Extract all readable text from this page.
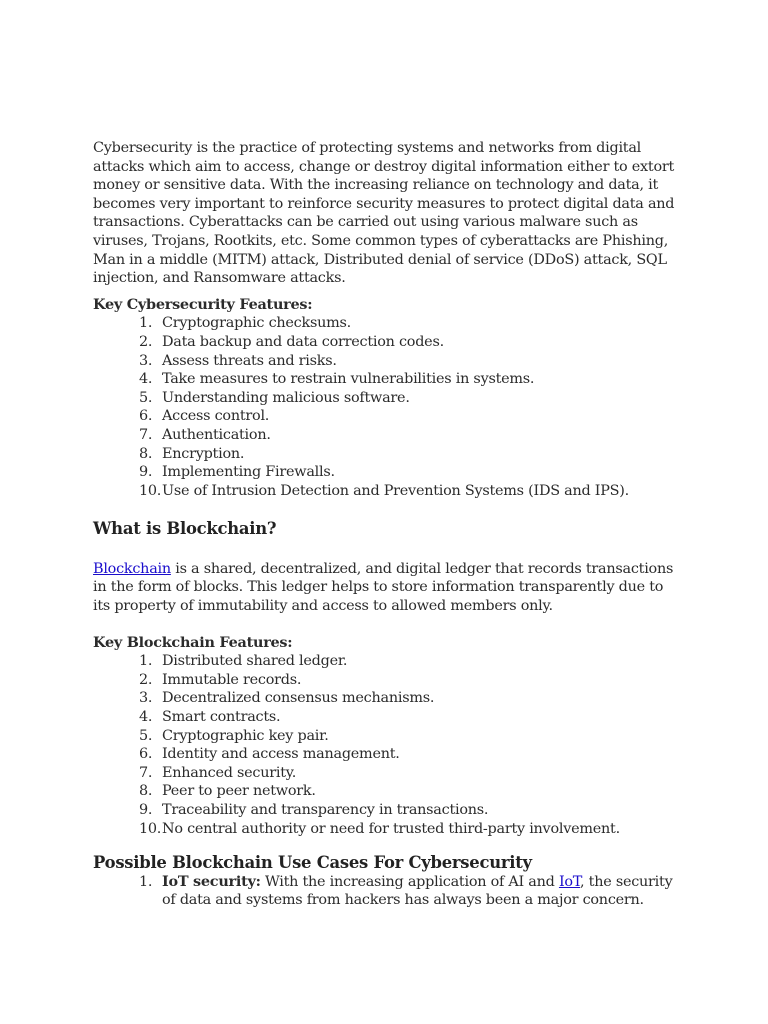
Cybersecurity is the practice of protecting systems and networks from digital attacks which aim to access, change or destroy digital information either to extort money or sensitive data. With the increasing reliance on technology and data, it becomes very important to reinforce security measures to protect digital data and transactions. Cyberattacks can be carried out using various malware such as viruses, Trojans, Rootkits, etc. Some common types of cyberattacks are Phishing, Man in a middle (MITM) attack, Distributed denial of service (DDoS) attack, SQL injection, and Ransomware attacks.

Key Cybersecurity Features:

1. Cryptographic checksums.
2. Data backup and data correction codes.
3. Assess threats and risks.
4. Take measures to restrain vulnerabilities in systems.
5. Understanding malicious software.
6. Access control.
7. Authentication.
8. Encryption.
9. Implementing Firewalls.
10. Use of Intrusion Detection and Prevention Systems (IDS and IPS).

What is Blockchain?

Blockchain is a shared, decentralized, and digital ledger that records transactions in the form of blocks. This ledger helps to store information transparently due to its property of immutability and access to allowed members only.

Key Blockchain Features:

1. Distributed shared ledger.
2. Immutable records.
3. Decentralized consensus mechanisms.
4. Smart contracts.
5. Cryptographic key pair.
6. Identity and access management.
7. Enhanced security.
8. Peer to peer network.
9. Traceability and transparency in transactions.
10. No central authority or need for trusted third-party involvement.

Possible Blockchain Use Cases For Cybersecurity

1. IoT security: With the increasing application of AI and IoT, the security of data and systems from hackers has always been a major concern.
